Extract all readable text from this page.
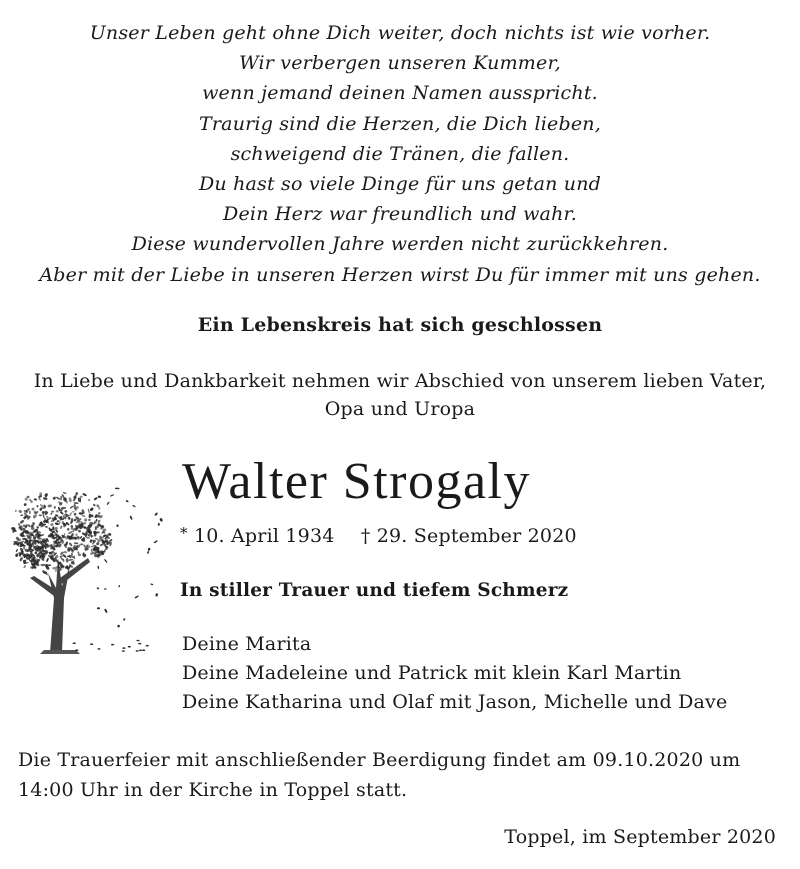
Unser Leben geht ohne Dich weiter, doch nichts ist wie vorher.
Wir verbergen unseren Kummer,
wenn jemand deinen Namen ausspricht.
Traurig sind die Herzen, die Dich lieben,
schweigend die Tränen, die fallen.
Du hast so viele Dinge für uns getan und
Dein Herz war freundlich und wahr.
Diese wundervollen Jahre werden nicht zurückkehren.
Aber mit der Liebe in unseren Herzen wirst Du für immer mit uns gehen.
Ein Lebenskreis hat sich geschlossen
In Liebe und Dankbarkeit nehmen wir Abschied von unserem lieben Vater,
Opa und Uropa
Walter Strogaly
* 10. April 1934 † 29. September 2020
In stiller Trauer und tiefem Schmerz
Deine Marita
Deine Madeleine und Patrick mit klein Karl Martin
Deine Katharina und Olaf mit Jason, Michelle und Dave
Die Trauerfeier mit anschließender Beerdigung findet am 09.10.2020 um
14:00 Uhr in der Kirche in Toppel statt.
Toppel, im September 2020
